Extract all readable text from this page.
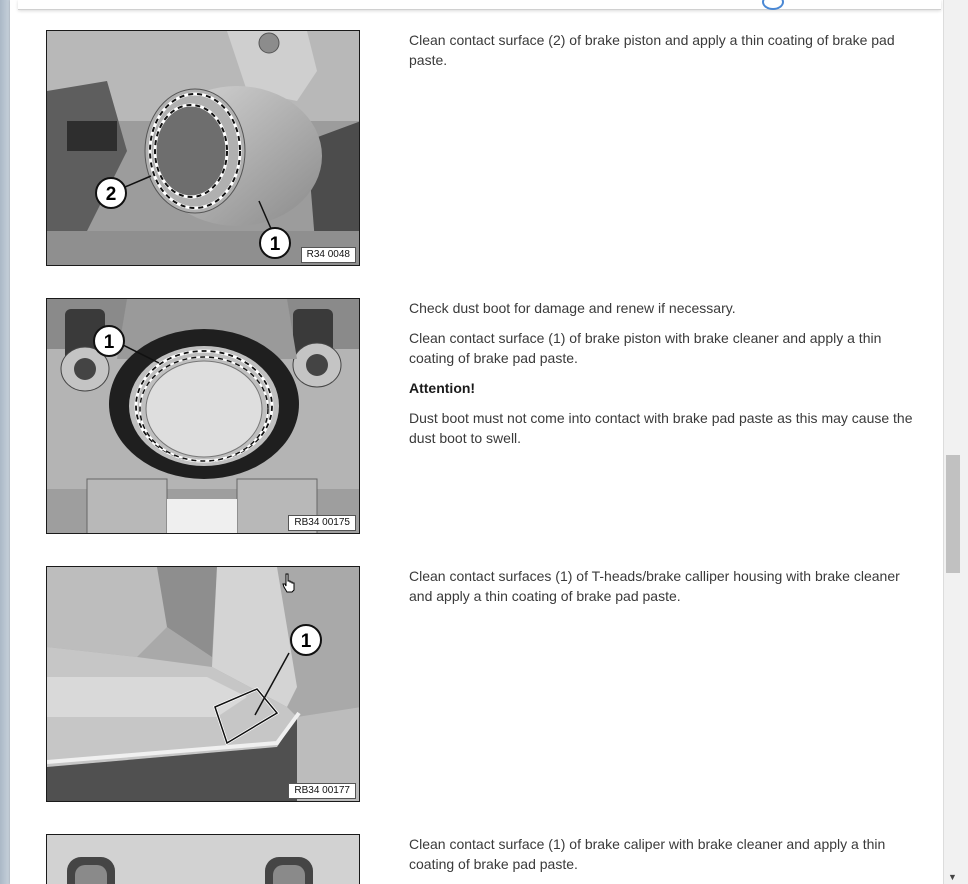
2
1	R34 0048

Clean contact surface (2) of brake piston and apply a thin coating of brake pad paste.

1
RB34 00175

Check dust boot for damage and renew if necessary.

Clean contact surface (1) of brake piston with brake cleaner and apply a thin coating of brake pad paste.

Attention!

Dust boot must not come into contact with brake pad paste as this may cause the dust boot to swell.

1
RB34 00177

Clean contact surfaces (1) of T-heads/brake calliper housing with brake cleaner and apply a thin coating of brake pad paste.

Clean contact surface (1) of brake caliper with brake cleaner and apply a thin coating of brake pad paste.

▼
